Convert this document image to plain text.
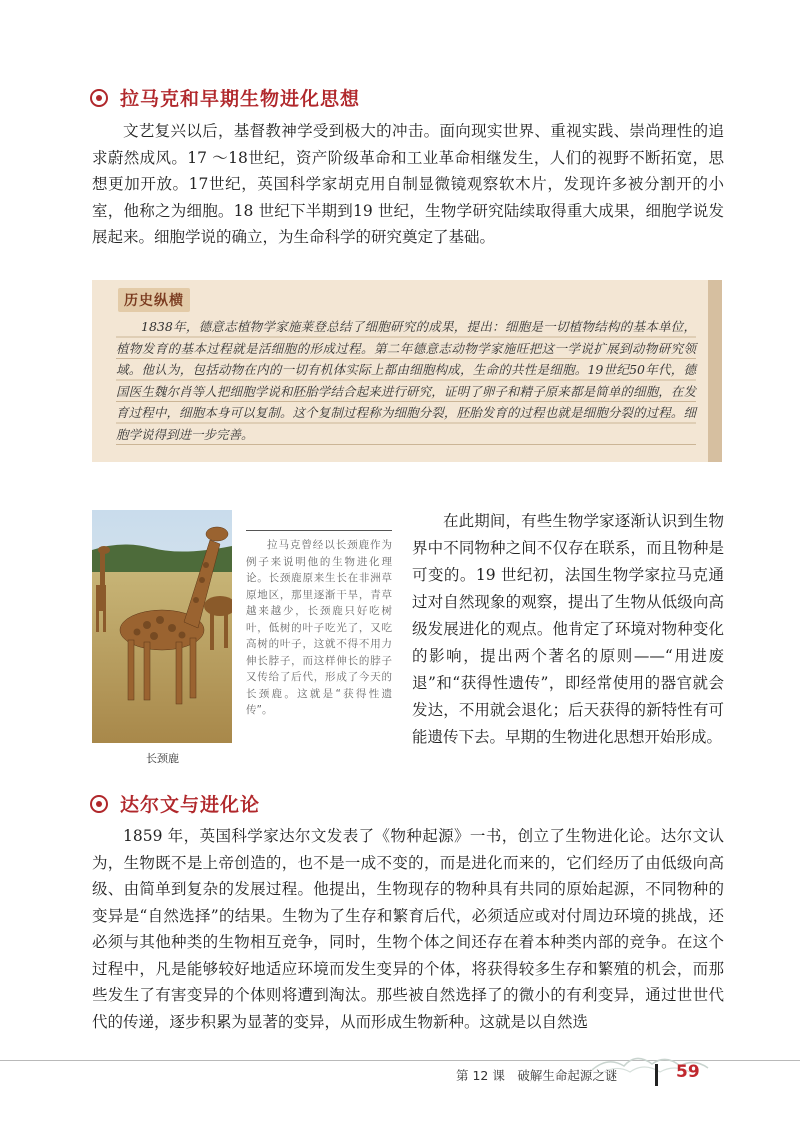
拉马克和早期生物进化思想

文艺复兴以后，基督教神学受到极大的冲击。面向现实世界、重视实践、崇尚理性的追求蔚然成风。17 ～18世纪，资产阶级革命和工业革命相继发生，人们的视野不断拓宽，思想更加开放。17世纪，英国科学家胡克用自制显微镜观察软木片，发现许多被分割开的小室，他称之为细胞。18 世纪下半期到19 世纪，生物学研究陆续取得重大成果，细胞学说发展起来。细胞学说的确立，为生命科学的研究奠定了基础。

历史纵横

1838年，德意志植物学家施莱登总结了细胞研究的成果，提出：细胞是一切植物结构的基本单位，植物发育的基本过程就是活细胞的形成过程。第二年德意志动物学家施旺把这一学说扩展到动物研究领域。他认为，包括动物在内的一切有机体实际上都由细胞构成，生命的共性是细胞。19世纪50年代，德国医生魏尔肖等人把细胞学说和胚胎学结合起来进行研究，证明了卵子和精子原来都是简单的细胞，在发育过程中，细胞本身可以复制。这个复制过程称为细胞分裂，胚胎发育的过程也就是细胞分裂的过程。细胞学说得到进一步完善。

长颈鹿

拉马克曾经以长颈鹿作为例子来说明他的生物进化理论。长颈鹿原来生长在非洲草原地区，那里逐渐干旱，青草越来越少，长颈鹿只好吃树叶，低树的叶子吃光了，又吃高树的叶子，这就不得不用力伸长脖子，而这样伸长的脖子又传给了后代，形成了今天的长颈鹿。这就是“获得性遗传”。

在此期间，有些生物学家逐渐认识到生物界中不同物种之间不仅存在联系，而且物种是可变的。19 世纪初，法国生物学家拉马克通过对自然现象的观察，提出了生物从低级向高级发展进化的观点。他肯定了环境对物种变化的影响，提出两个著名的原则——“用进废退”和“获得性遗传”，即经常使用的器官就会发达，不用就会退化；后天获得的新特性有可能遗传下去。早期的生物进化思想开始形成。

达尔文与进化论

1859 年，英国科学家达尔文发表了《物种起源》一书，创立了生物进化论。达尔文认为，生物既不是上帝创造的，也不是一成不变的，而是进化而来的，它们经历了由低级向高级、由简单到复杂的发展过程。他提出，生物现存的物种具有共同的原始起源，不同物种的变异是“自然选择”的结果。生物为了生存和繁育后代，必须适应或对付周边环境的挑战，还必须与其他种类的生物相互竞争，同时，生物个体之间还存在着本种类内部的竞争。在这个过程中，凡是能够较好地适应环境而发生变异的个体，将获得较多生存和繁殖的机会，而那些发生了有害变异的个体则将遭到淘汰。那些被自然选择了的微小的有利变异，通过世世代代的传递，逐步积累为显著的变异，从而形成生物新种。这就是以自然选

第 12 课　破解生命起源之谜	59
